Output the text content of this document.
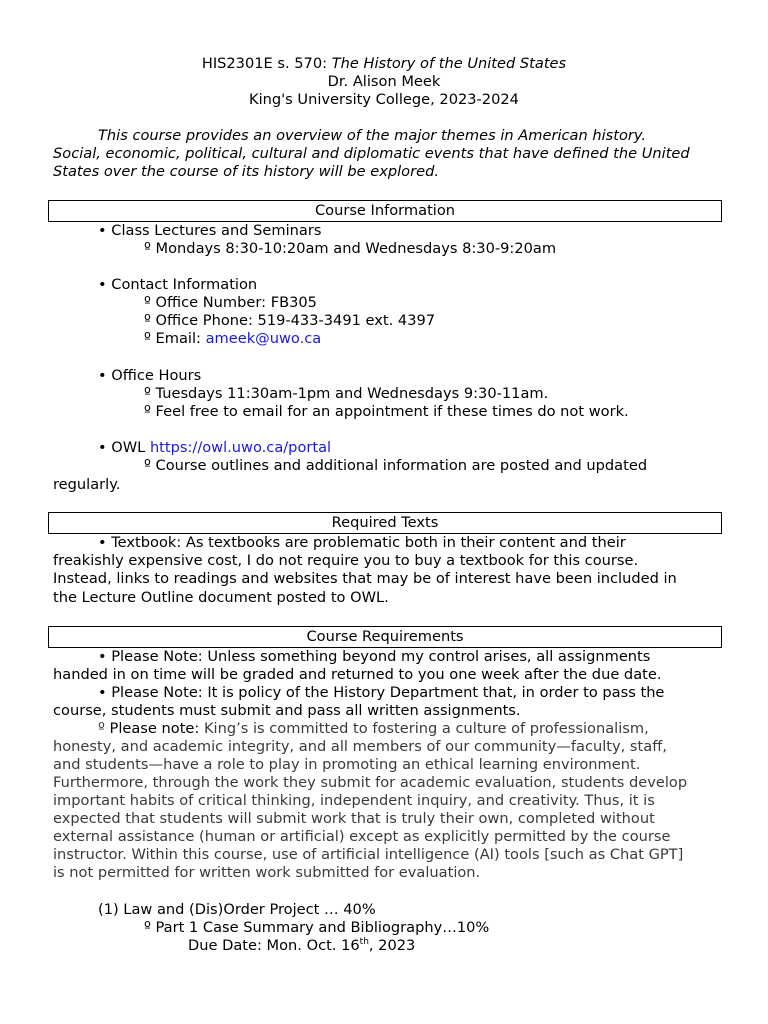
HIS2301E s. 570: The History of the United States
Dr. Alison Meek
King's University College, 2023-2024
This course provides an overview of the major themes in American history.
Social, economic, political, cultural and diplomatic events that have defined the United
States over the course of its history will be explored.
Course Information
• Class Lectures and Seminars
º Mondays 8:30-10:20am and Wednesdays 8:30-9:20am
• Contact Information
º Office Number: FB305
º Office Phone: 519-433-3491 ext. 4397
º Email: ameek@uwo.ca
• Office Hours
º Tuesdays 11:30am-1pm and Wednesdays 9:30-11am.
º Feel free to email for an appointment if these times do not work.
• OWL https://owl.uwo.ca/portal
º Course outlines and additional information are posted and updated
regularly.
Required Texts
• Textbook: As textbooks are problematic both in their content and their
freakishly expensive cost, I do not require you to buy a textbook for this course.
Instead, links to readings and websites that may be of interest have been included in
the Lecture Outline document posted to OWL.
Course Requirements
• Please Note: Unless something beyond my control arises, all assignments
handed in on time will be graded and returned to you one week after the due date.
• Please Note: It is policy of the History Department that, in order to pass the
course, students must submit and pass all written assignments.
º Please note: King’s is committed to fostering a culture of professionalism,
honesty, and academic integrity, and all members of our community—faculty, staff,
and students—have a role to play in promoting an ethical learning environment.
Furthermore, through the work they submit for academic evaluation, students develop
important habits of critical thinking, independent inquiry, and creativity. Thus, it is
expected that students will submit work that is truly their own, completed without
external assistance (human or artificial) except as explicitly permitted by the course
instructor. Within this course, use of artificial intelligence (AI) tools [such as Chat GPT]
is not permitted for written work submitted for evaluation.
(1) Law and (Dis)Order Project … 40%
º Part 1 Case Summary and Bibliography…10%
Due Date: Mon. Oct. 16th, 2023
